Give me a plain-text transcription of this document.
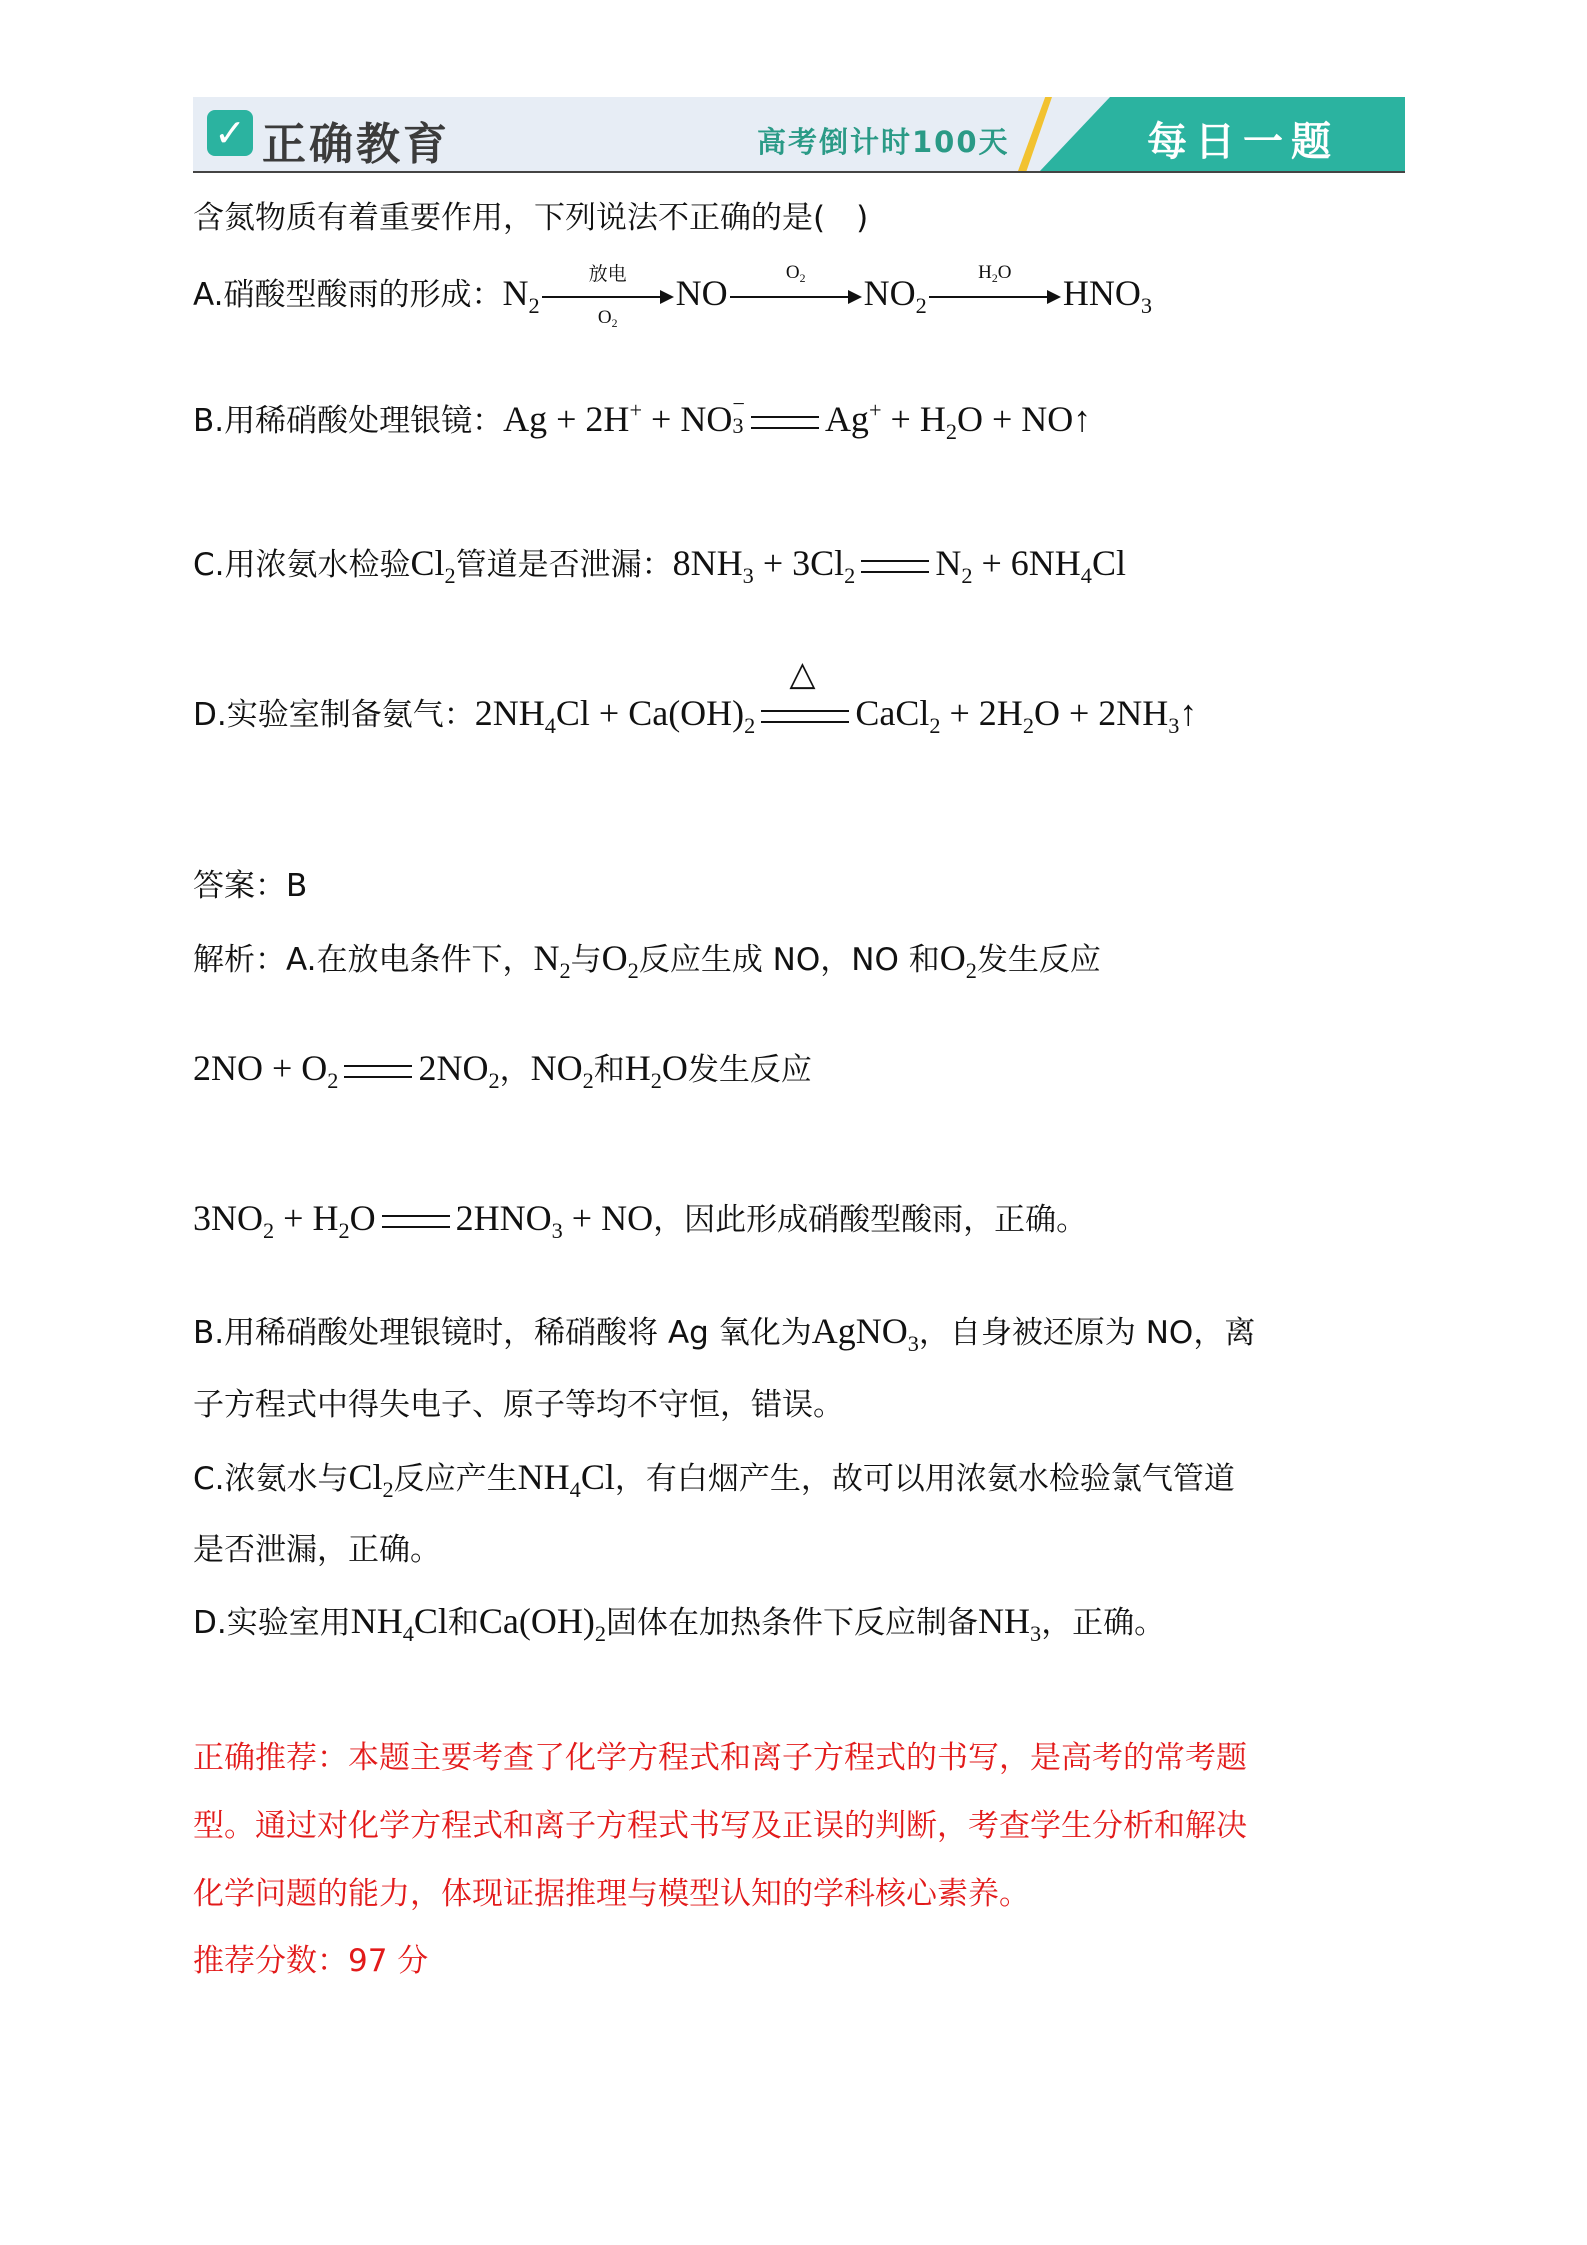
✓ 正确教育	高考倒计时100天	每日一题
含氮物质有着重要作用，下列说法不正确的是(　)
A.硝酸型酸雨的形成：$N_2$
放电
$O_2$
NO
$O_2$	$NO_2$
$H_2O$
$HNO_3$
B.用稀硝酸处理银镜：Ag + 2H+ + NO −
3 $Ag^+ + H_2O$ + NO↑
C.用浓氨水检验$Cl_2$管道是否泄漏：$8NH_3 + 3Cl_2$ $N_2 + 6NH_4Cl$
D.实验室制备氨气：$2NH_4Cl + Ca(OH)_2$
△
CaCl$_2$ + $2H_2O$ + $2NH_3↑$
答案：B
解析：A.在放电条件下，$N_2$与$O_2$反应生成 NO，NO 和$O_2$发生反应
$2NO + O_2$ $2NO_2$，$NO_2$和$H_2O$发生反应
$3NO_2 + H_2O$ $2HNO_3$ + NO，因此形成硝酸型酸雨，正确。
B.用稀硝酸处理银镜时，稀硝酸将 Ag 氧化为AgNO$_3$，自身被还原为 NO，离
子方程式中得失电子、原子等均不守恒，错误。
C.浓氨水与$Cl_2$反应产生$NH_4Cl$，有白烟产生，故可以用浓氨水检验氯气管道
是否泄漏，正确。
D.实验室用$NH_4Cl$和$Ca(OH)_2$固体在加热条件下反应制备$NH_3$，正确。
正确推荐：本题主要考查了化学方程式和离子方程式的书写，是高考的常考题
型。通过对化学方程式和离子方程式书写及正误的判断，考查学生分析和解决
化学问题的能力，体现证据推理与模型认知的学科核心素养。
推荐分数：97 分
